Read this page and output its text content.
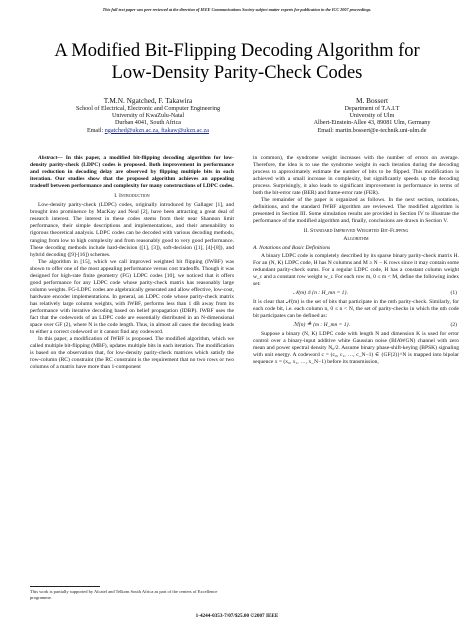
This full text paper was peer reviewed at the direction of IEEE Communications Society subject matter experts for publication in the ICC 2007 proceedings.
A Modified Bit-Flipping Decoding Algorithm for
Low-Density Parity-Check Codes
T.M.N. Ngatched, F. Takawira
School of Electrical, Electronic and Computer Engineering
University of KwaZulu-Natal
Durban 4041, South Africa
Email: ngatched@ukzn.ac.za, ftakaw@ukzn.ac.za
M. Bossert
Department of T.A.I.T
University of Ulm
Albert-Einstein-Allee 43, 89081 Ulm, Germany
Email: martin.bossert@e-technik.uni-ulm.de

Abstract— In this paper, a modified bit-flipping decoding algorithm for low-density parity-check (LDPC) codes is proposed. Both improvement in performance and reduction in decoding delay are observed by flipping multiple bits in each iteration. Our studies show that the proposed algorithm achieves an appealing tradeoff between performance and complexity for many constructions of LDPC codes.

I. Introduction

Low-density parity-check (LDPC) codes, originally introduced by Gallager [1], and brought into prominence by MacKay and Neal [2], have been attracting a great deal of research interest. The interest in these codes stems from their near Shannon limit performance, their simple descriptions and implementations, and their amenability to rigorous theoretical analysis. LDPC codes can be decoded with various decoding methods, ranging from low to high complexity and from reasonably good to very good performance. These decoding methods include hard-decision ([1], [3]), soft-decision ([1], [4]-[8]), and hybrid decoding ([9]-[16]) schemes.

The algorithm in [15], which we call improved weighted bit flipping (IWBF) was shown to offer one of the most appealing performance versus cost tradeoffs. Though it was designed for high-rate finite geometry (FG) LDPC codes [10], we noticed that it offers good performance for any LDPC code whose parity-check matrix has reasonably large column weights. FG-LDPC codes are algebraically generated and allow effective, low-cost, hardware encoder implementations. In general, an LDPC code whose parity-check matrix has relatively large column weights, with IWBF, performs less than 1 dB away from its performance with iterative decoding based on belief propagation (IDBP). IWBF uses the fact that the codewords of an LDPC code are essentially distributed in an N-dimensional space over GF (2), where N is the code length. Thus, in almost all cases the decoding leads to either a correct codeword or it cannot find any codeword.

In this paper, a modification of IWBF is proposed. The modified algorithm, which we called multiple bit-flipping (MBF), updates multiple bits in each iteration. The modification is based on the observation that, for low-density parity-check matrices which satisfy the row-column (RC) constraint (the RC constraint is the requirement that no two rows or two columns of a matrix have more than 1-component

in common), the syndrome weight increases with the number of errors on average. Therefore, the idea is to use the syndrome weight in each iteration during the decoding process to approximately estimate the number of bits to be flipped. This modification is achieved with a small increase in complexity, but significantly speeds up the decoding process. Surprisingly, it also leads to significant improvement in performance in terms of both the bit-error rate (BER) and frame-error rate (FER).

The remainder of the paper is organized as follows. In the next section, notations, definitions, and the standard IWBF algorithm are reviewed. The modified algorithm is presented in Section III. Some simulation results are provided in Section IV to illustrate the performance of the modified algorithm and, finally, conclusions are drawn in Section V.

II. Standard Improved Weighted Bit-Flipping
Algorithm
A. Notations and Basic Definitions

A binary LDPC code is completely described by its sparse binary parity-check matrix H. For an (N, K) LDPC code, H has N columns and M ≥ N − K rows since it may contain some redundant parity-check sums. For a regular LDPC code, H has a constant column weight w_c and a constant row weight w_r. For each row m, 0 ≤ m < M, define the following index set:

𝒩(m) ≜ {n : H_mn = 1}.	(1)

It is clear that 𝒩(m) is the set of bits that participate in the mth parity-check. Similarly, for each code bit, i.e. each column n, 0 ≤ n < N, the set of parity-checks in which the nth code bit participates can be defined as:

ℳ(n) ≜ {m : H_mn = 1}.	(2)

Suppose a binary (N, K) LDPC code with length N and dimension K is used for error control over a binary-input additive white Gaussian noise (BIAWGN) channel with zero mean and power spectral density N₀/2. Assume binary phase-shift-keying (BPSK) signaling with unit energy. A codeword c = (c₀, c₁, …, c_N−1) ∈ {GF(2)}^N is mapped into bipolar sequence x = (x₀, x₁, …, x_N−1) before its transmission,

This work is partially supported by Alcatel and Telkom South Africa as part of the centers of Excellence programme.
1-4244-0353-7/07/$25.00 ©2007 IEEE
